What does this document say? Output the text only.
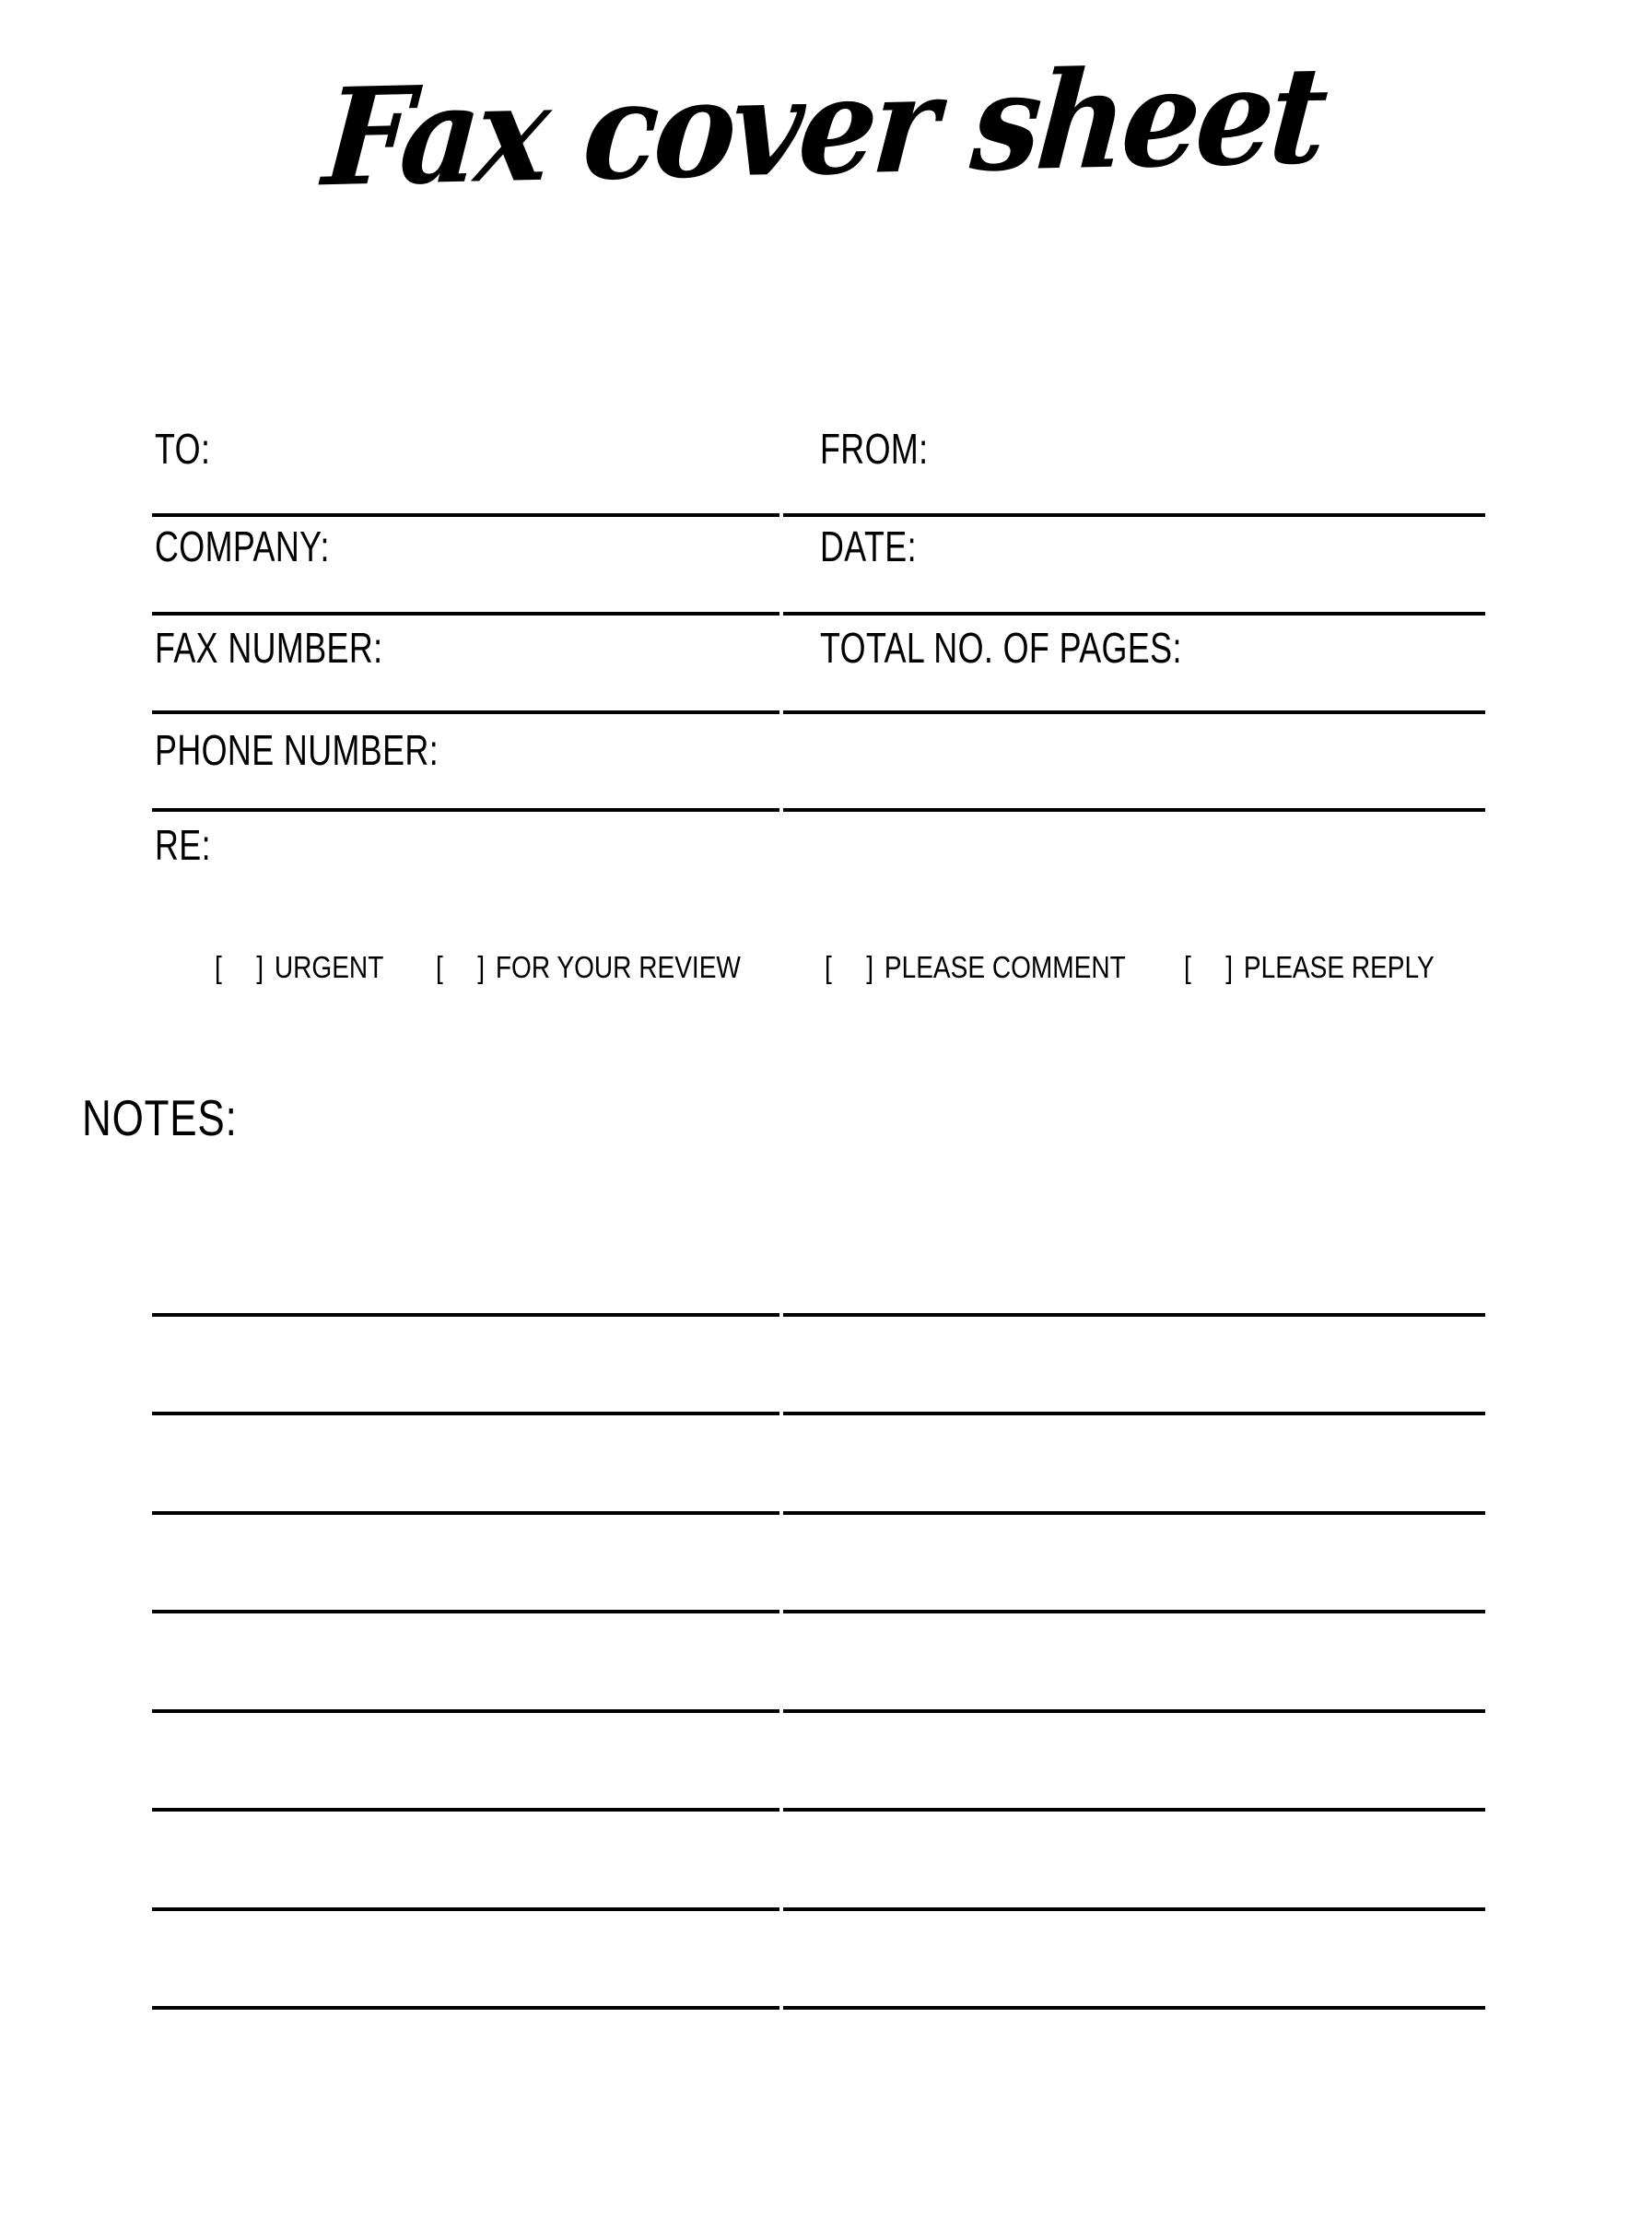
Fax cover sheet
TO:	FROM:
COMPANY:	DATE:
FAX NUMBER:	TOTAL NO. OF PAGES:
PHONE NUMBER:
RE:
[ ] URGENT [ ] FOR YOUR REVIEW	[ ] PLEASE COMMENT [ ] PLEASE REPLY
NOTES:
